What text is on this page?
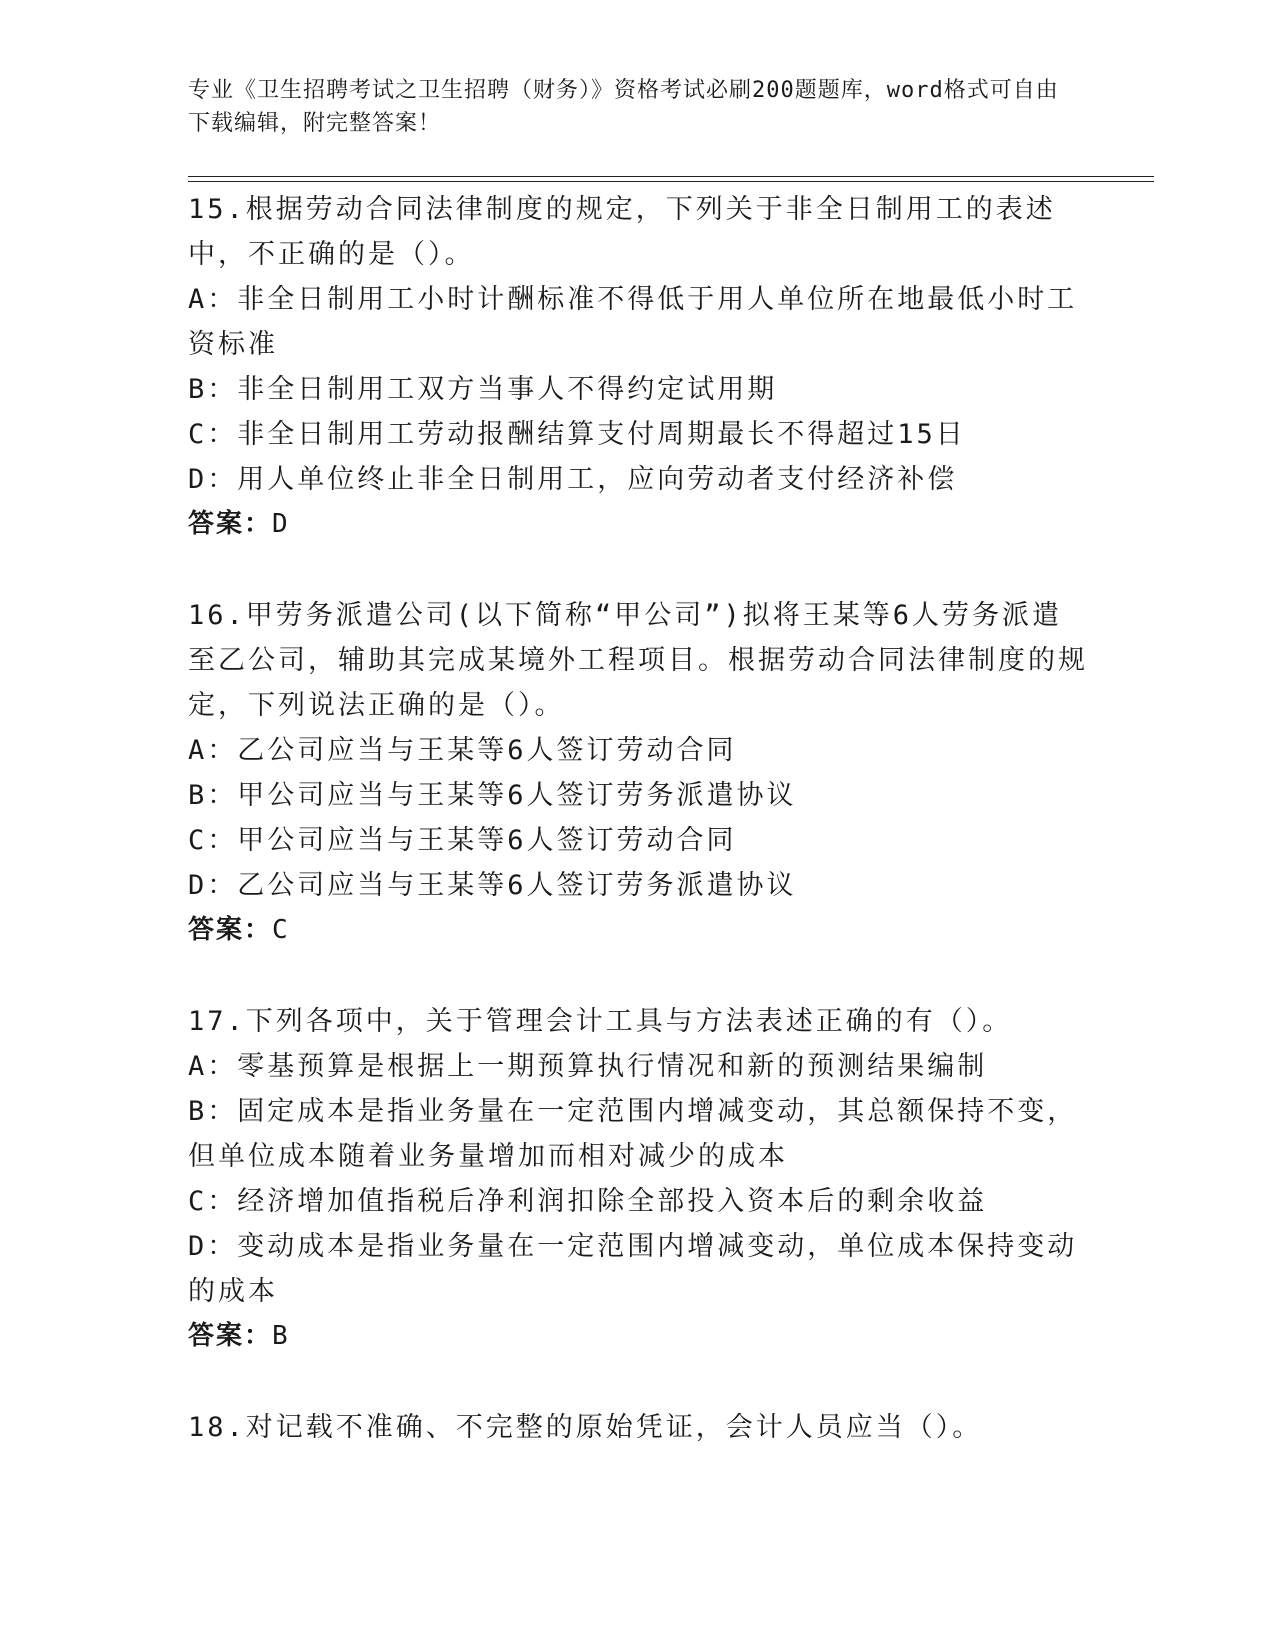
专业《卫生招聘考试之卫生招聘（财务）》资格考试必刷200题题库，word格式可自由下载编辑，附完整答案！

15.根据劳动合同法律制度的规定，下列关于非全日制用工的表述中，不正确的是（）。

A：非全日制用工小时计酬标准不得低于用人单位所在地最低小时工资标准

B：非全日制用工双方当事人不得约定试用期

C：非全日制用工劳动报酬结算支付周期最长不得超过15日

D：用人单位终止非全日制用工，应向劳动者支付经济补偿

答案：D

16.甲劳务派遣公司(以下简称“甲公司”)拟将王某等6人劳务派遣至乙公司，辅助其完成某境外工程项目。根据劳动合同法律制度的规定，下列说法正确的是（）。

A：乙公司应当与王某等6人签订劳动合同

B：甲公司应当与王某等6人签订劳务派遣协议

C：甲公司应当与王某等6人签订劳动合同

D：乙公司应当与王某等6人签订劳务派遣协议

答案：C

17.下列各项中，关于管理会计工具与方法表述正确的有（）。

A：零基预算是根据上一期预算执行情况和新的预测结果编制

B：固定成本是指业务量在一定范围内增减变动，其总额保持不变，但单位成本随着业务量增加而相对减少的成本

C：经济增加值指税后净利润扣除全部投入资本后的剩余收益

D：变动成本是指业务量在一定范围内增减变动，单位成本保持变动的成本

答案：B

18.对记载不准确、不完整的原始凭证，会计人员应当（）。
